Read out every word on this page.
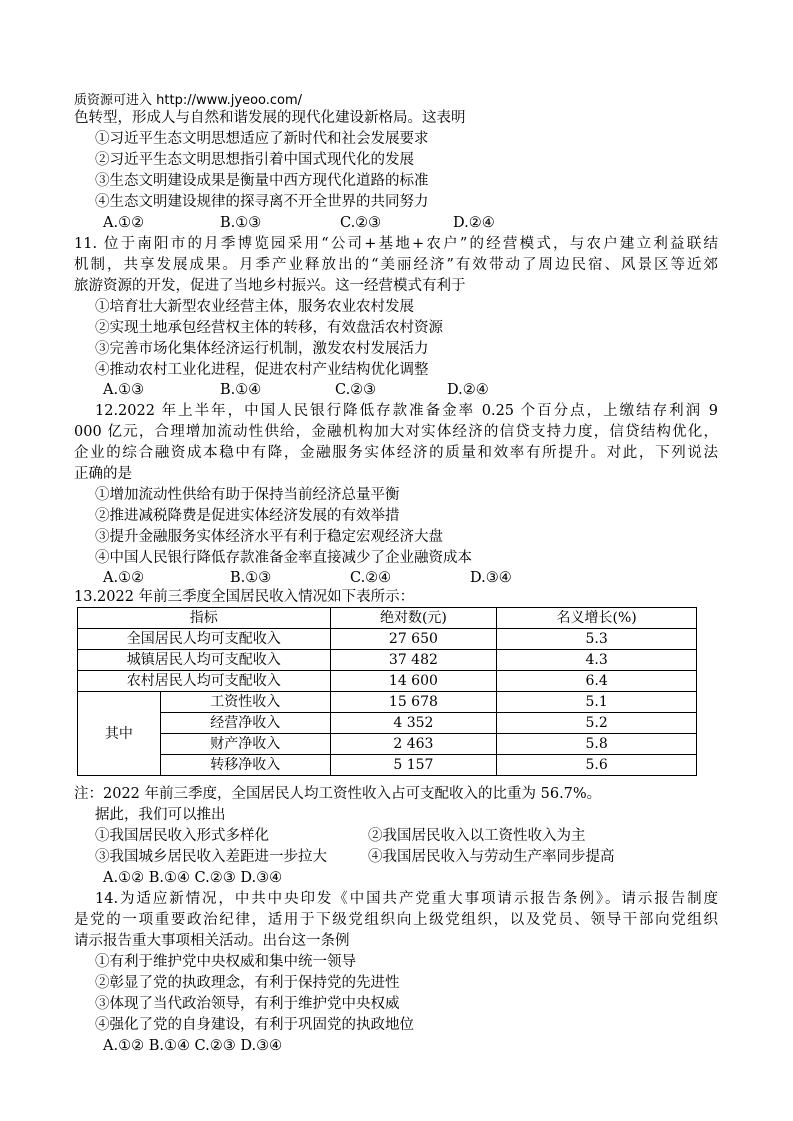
质资源可进入 http://www.jyeoo.com/
色转型，形成人与自然和谐发展的现代化建设新格局。这表明
①习近平生态文明思想适应了新时代和社会发展要求
②习近平生态文明思想指引着中国式现代化的发展
③生态文明建设成果是衡量中西方现代化道路的标准
④生态文明建设规律的探寻离不开全世界的共同努力
A.①②	B.①③	C.②③	D.②④
11. 位于南阳市的月季博览园采用“公司+基地+农户”的经营模式，与农户建立利益联结
机制，共享发展成果。月季产业释放出的“美丽经济”有效带动了周边民宿、风景区等近郊
旅游资源的开发，促进了当地乡村振兴。这一经营模式有利于
①培育壮大新型农业经营主体，服务农业农村发展
②实现土地承包经营权主体的转移，有效盘活农村资源
③完善市场化集体经济运行机制，激发农村发展活力
④推动农村工业化进程，促进农村产业结构优化调整
A.①③	B.①④	C.②③	D.②④
12.2022 年上半年，中国人民银行降低存款准备金率 0.25 个百分点，上缴结存利润 9
000 亿元，合理增加流动性供给，金融机构加大对实体经济的信贷支持力度，信贷结构优化，
企业的综合融资成本稳中有降，金融服务实体经济的质量和效率有所提升。对此，下列说法
正确的是
①增加流动性供给有助于保持当前经济总量平衡
②推进减税降费是促进实体经济发展的有效举措
③提升金融服务实体经济水平有利于稳定宏观经济大盘
④中国人民银行降低存款准备金率直接减少了企业融资成本
A.①②	B.①③	C.②④	D.③④
13.2022 年前三季度全国居民收入情况如下表所示：
指标		绝对数(元)	名义增长(%)
全国居民人均可支配收入		27 650	5.3
城镇居民人均可支配收入		37 482	4.3
农村居民人均可支配收入		14 600	6.4
其中	工资性收入	15 678	5.1
	经营净收入	4 352	5.2
	财产净收入	2 463	5.8
	转移净收入	5 157	5.6
注：2022 年前三季度，全国居民人均工资性收入占可支配收入的比重为 56.7%。
据此，我们可以推出
①我国居民收入形式多样化	②我国居民收入以工资性收入为主
③我国城乡居民收入差距进一步拉大	④我国居民收入与劳动生产率同步提高
A.①② B.①④ C.②③ D.③④
14.为适应新情况，中共中央印发《中国共产党重大事项请示报告条例》。请示报告制度
是党的一项重要政治纪律，适用于下级党组织向上级党组织，以及党员、领导干部向党组织
请示报告重大事项相关活动。出台这一条例
①有利于维护党中央权威和集中统一领导
②彰显了党的执政理念，有利于保持党的先进性
③体现了当代政治领导，有利于维护党中央权威
④强化了党的自身建设，有利于巩固党的执政地位
A.①② B.①④ C.②③ D.③④
